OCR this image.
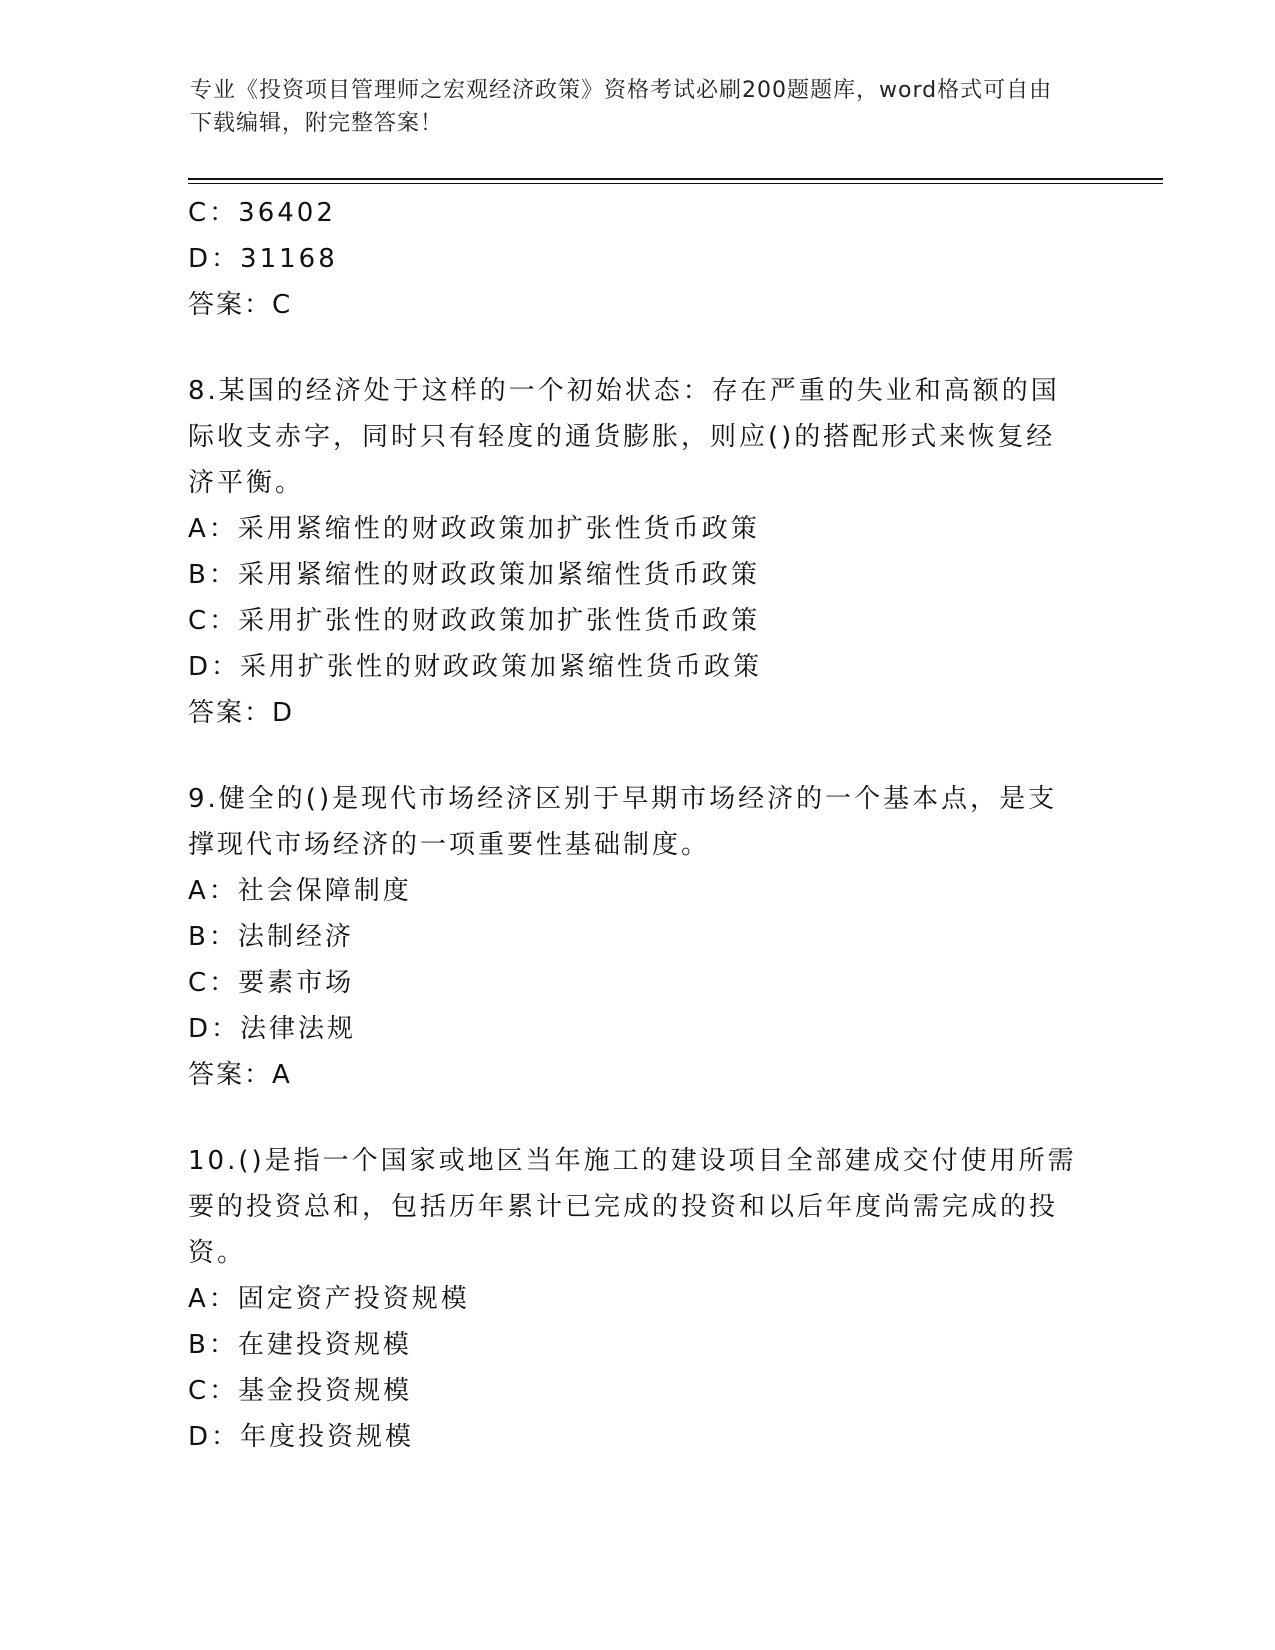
专业《投资项目管理师之宏观经济政策》资格考试必刷200题题库，word格式可自由下载编辑，附完整答案！
C：36402
D：31168
答案：C
8.某国的经济处于这样的一个初始状态：存在严重的失业和高额的国际收支赤字，同时只有轻度的通货膨胀，则应()的搭配形式来恢复经济平衡。
A：采用紧缩性的财政政策加扩张性货币政策
B：采用紧缩性的财政政策加紧缩性货币政策
C：采用扩张性的财政政策加扩张性货币政策
D：采用扩张性的财政政策加紧缩性货币政策
答案：D
9.健全的()是现代市场经济区别于早期市场经济的一个基本点，是支撑现代市场经济的一项重要性基础制度。
A：社会保障制度
B：法制经济
C：要素市场
D：法律法规
答案：A
10.()是指一个国家或地区当年施工的建设项目全部建成交付使用所需要的投资总和，包括历年累计已完成的投资和以后年度尚需完成的投资。
A：固定资产投资规模
B：在建投资规模
C：基金投资规模
D：年度投资规模
